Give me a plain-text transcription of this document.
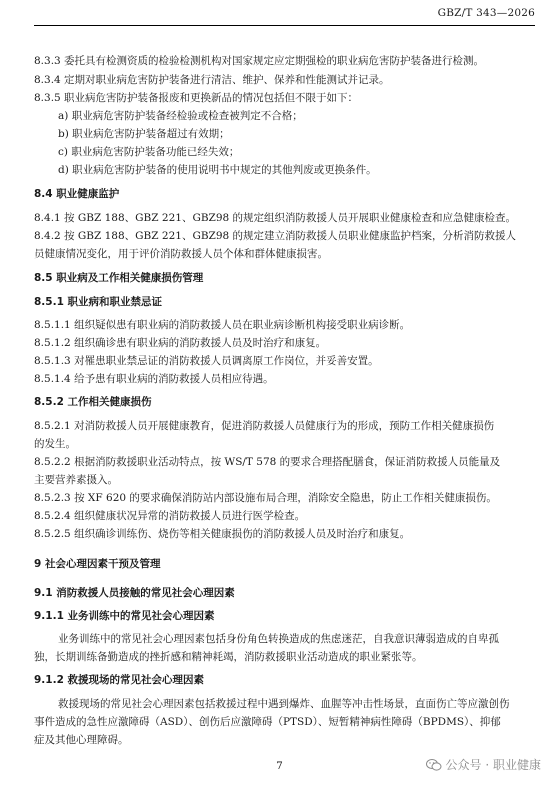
GBZ/T 343—2026
8.3.3 委托具有检测资质的检验检测机构对国家规定应定期强检的职业病危害防护装备进行检测。
8.3.4 定期对职业病危害防护装备进行清洁、维护、保养和性能测试并记录。
8.3.5 职业病危害防护装备报废和更换新品的情况包括但不限于如下：
a) 职业病危害防护装备经检验或检查被判定不合格；
b) 职业病危害防护装备超过有效期；
c) 职业病危害防护装备功能已经失效；
d) 职业病危害防护装备的使用说明书中规定的其他判废或更换条件。
8.4 职业健康监护
8.4.1 按 GBZ 188、GBZ 221、GBZ98 的规定组织消防救援人员开展职业健康检查和应急健康检查。
8.4.2 按 GBZ 188、GBZ 221、GBZ98 的规定建立消防救援人员职业健康监护档案，分析消防救援人
员健康情况变化，用于评价消防救援人员个体和群体健康损害。
8.5 职业病及工作相关健康损伤管理
8.5.1 职业病和职业禁忌证
8.5.1.1 组织疑似患有职业病的消防救援人员在职业病诊断机构接受职业病诊断。
8.5.1.2 组织确诊患有职业病的消防救援人员及时治疗和康复。
8.5.1.3 对罹患职业禁忌证的消防救援人员调离原工作岗位，并妥善安置。
8.5.1.4 给予患有职业病的消防救援人员相应待遇。
8.5.2 工作相关健康损伤
8.5.2.1 对消防救援人员开展健康教育，促进消防救援人员健康行为的形成，预防工作相关健康损伤
的发生。
8.5.2.2 根据消防救援职业活动特点，按 WS/T 578 的要求合理搭配膳食，保证消防救援人员能量及
主要营养素摄入。
8.5.2.3 按 XF 620 的要求确保消防站内部设施布局合理，消除安全隐患，防止工作相关健康损伤。
8.5.2.4 组织健康状况异常的消防救援人员进行医学检查。
8.5.2.5 组织确诊训练伤、烧伤等相关健康损伤的消防救援人员及时治疗和康复。
9 社会心理因素干预及管理
9.1 消防救援人员接触的常见社会心理因素
9.1.1 业务训练中的常见社会心理因素
业务训练中的常见社会心理因素包括身份角色转换造成的焦虑迷茫，自我意识薄弱造成的自卑孤
独，长期训练备勤造成的挫折感和精神耗竭，消防救援职业活动造成的职业紧张等。
9.1.2 救援现场的常见社会心理因素
救援现场的常见社会心理因素包括救援过程中遇到爆炸、血腥等冲击性场景，直面伤亡等应激创伤
事件造成的急性应激障碍（ASD）、创伤后应激障碍（PTSD）、短暂精神病性障碍（BPDMS）、抑郁
症及其他心理障碍。
7	公众号 · 职业健康
